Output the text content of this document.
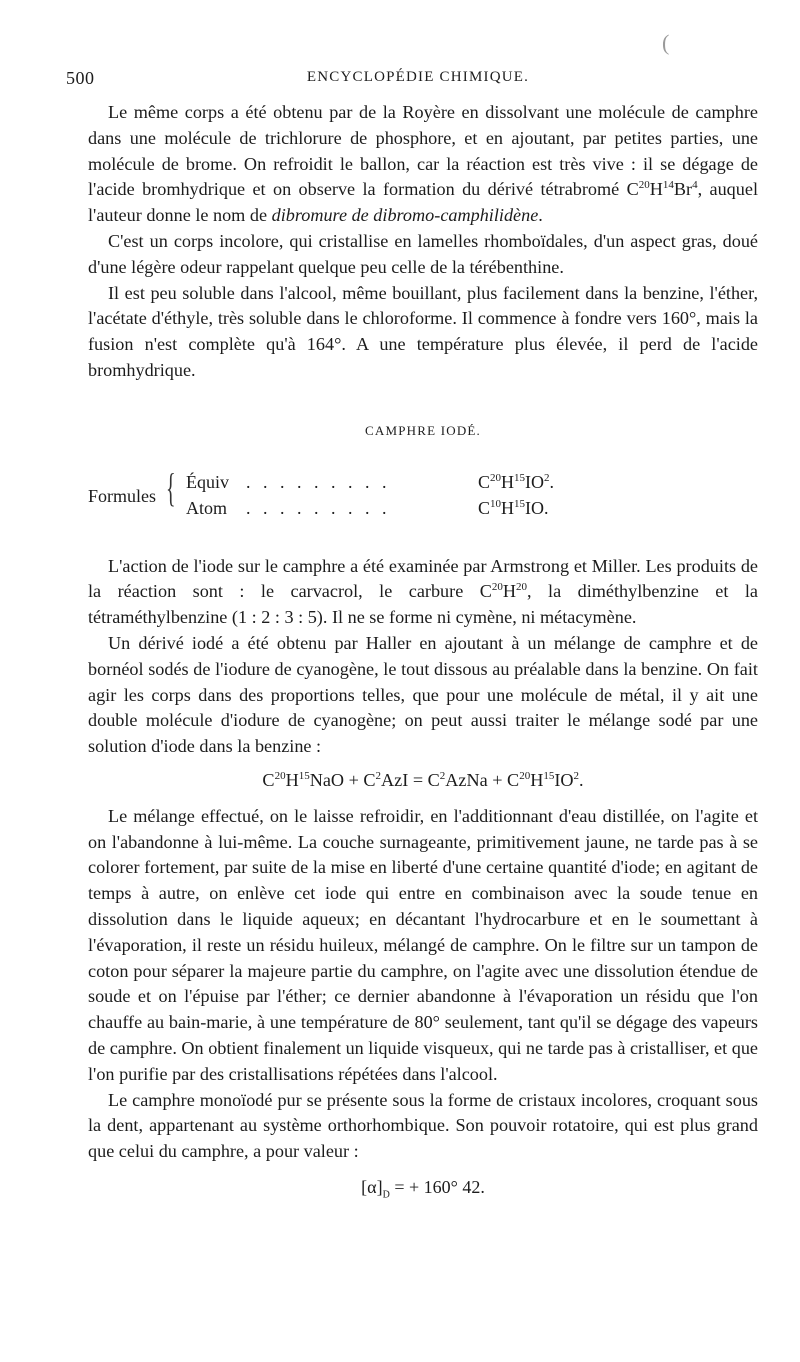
(
500	ENCYCLOPÉDIE CHIMIQUE.

Le même corps a été obtenu par de la Royère en dissolvant une molécule de camphre dans une molécule de trichlorure de phosphore, et en ajoutant, par petites parties, une molécule de brome. On refroidit le ballon, car la réaction est très vive : il se dégage de l'acide bromhydrique et on observe la formation du dérivé tétrabromé $C^{20}H^{14}Br^4$, auquel l'auteur donne le nom de dibromure de dibromo-camphilidène.

C'est un corps incolore, qui cristallise en lamelles rhomboïdales, d'un aspect gras, doué d'une légère odeur rappelant quelque peu celle de la térébenthine.

Il est peu soluble dans l'alcool, même bouillant, plus facilement dans la benzine, l'éther, l'acétate d'éthyle, très soluble dans le chloroforme. Il commence à fondre vers 160°, mais la fusion n'est complète qu'à 164°. A une température plus élevée, il perd de l'acide bromhydrique.

CAMPHRE IODÉ.
Formules { Équiv . . . . . . . . .	$C^{20}H^{15}IO^2$.
Atom . . . . . . . . .	$C^{10}H^{15}IO$.

L'action de l'iode sur le camphre a été examinée par Armstrong et Miller. Les produits de la réaction sont : le carvacrol, le carbure $C^{20}H^{20}$, la diméthylbenzine et la tétraméthylbenzine (1 : 2 : 3 : 5). Il ne se forme ni cymène, ni métacymène.

Un dérivé iodé a été obtenu par Haller en ajoutant à un mélange de camphre et de bornéol sodés de l'iodure de cyanogène, le tout dissous au préalable dans la benzine. On fait agir les corps dans des proportions telles, que pour une molécule de métal, il y ait une double molécule d'iodure de cyanogène; on peut aussi traiter le mélange sodé par une solution d'iode dans la benzine :

$C^{20}H^{15}NaO + C^2AzI$ = $C^2AzNa + C^{20}H^{15}IO^2$.

Le mélange effectué, on le laisse refroidir, en l'additionnant d'eau distillée, on l'agite et on l'abandonne à lui-même. La couche surnageante, primitivement jaune, ne tarde pas à se colorer fortement, par suite de la mise en liberté d'une certaine quantité d'iode; en agitant de temps à autre, on enlève cet iode qui entre en combinaison avec la soude tenue en dissolution dans le liquide aqueux; en décantant l'hydrocarbure et en le soumettant à l'évaporation, il reste un résidu huileux, mélangé de camphre. On le filtre sur un tampon de coton pour séparer la majeure partie du camphre, on l'agite avec une dissolution étendue de soude et on l'épuise par l'éther; ce dernier abandonne à l'évaporation un résidu que l'on chauffe au bain-marie, à une température de 80° seulement, tant qu'il se dégage des vapeurs de camphre. On obtient finalement un liquide visqueux, qui ne tarde pas à cristalliser, et que l'on purifie par des cristallisations répétées dans l'alcool.

Le camphre monoïodé pur se présente sous la forme de cristaux incolores, croquant sous la dent, appartenant au système orthorhombique. Son pouvoir rotatoire, qui est plus grand que celui du camphre, a pour valeur :

$[\alpha]_D$ = + 160° 42.
